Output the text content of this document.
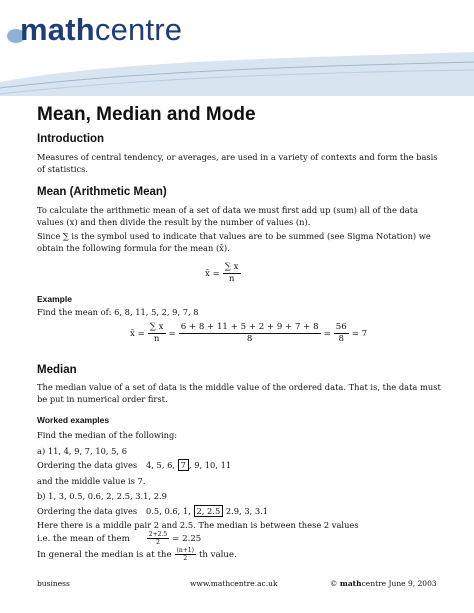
mathcentre
Mean, Median and Mode
Introduction
Measures of central tendency, or averages, are used in a variety of contexts and form the basis of statistics.
Mean (Arithmetic Mean)
To calculate the arithmetic mean of a set of data we must first add up (sum) all of the data values (x) and then divide the result by the number of values (n).
Since ∑ is the symbol used to indicate that values are to be summed (see Sigma Notation) we obtain the following formula for the mean (x̄).
x̄ = $\frac{\sum x}{n}$
Example
Find the mean of: 6, 8, 11, 5, 2, 9, 7, 8
x̄ = $\frac{\sum x}{n} = \frac{6 + 8 + 11 + 5 + 2 + 9 + 7 + 8}{8} = \frac{56}{8} = 7$
Median
The median value of a set of data is the middle value of the ordered data. That is, the data must be put in numerical order first.
Worked examples
Find the median of the following:
a) 11, 4, 9, 7, 10, 5, 6
Ordering the data gives 4, 5, 6, 7 , 9, 10, 11
and the middle value is 7.
b) 1, 3, 0.5, 0.6, 2, 2.5, 3.1, 2.9
Ordering the data gives 0.5, 0.6, 1, 2, 2.5 2.9, 3, 3.1
Here there is a middle pair 2 and 2.5. The median is between these 2 values
i.e. the mean of them	$\frac{2+2.5}{2} = 2.25$
In general the median is at the $\frac{(n+1)}{2}$ th value.
business	www.mathcentre.ac.uk	© mathcentre June 9, 2003
